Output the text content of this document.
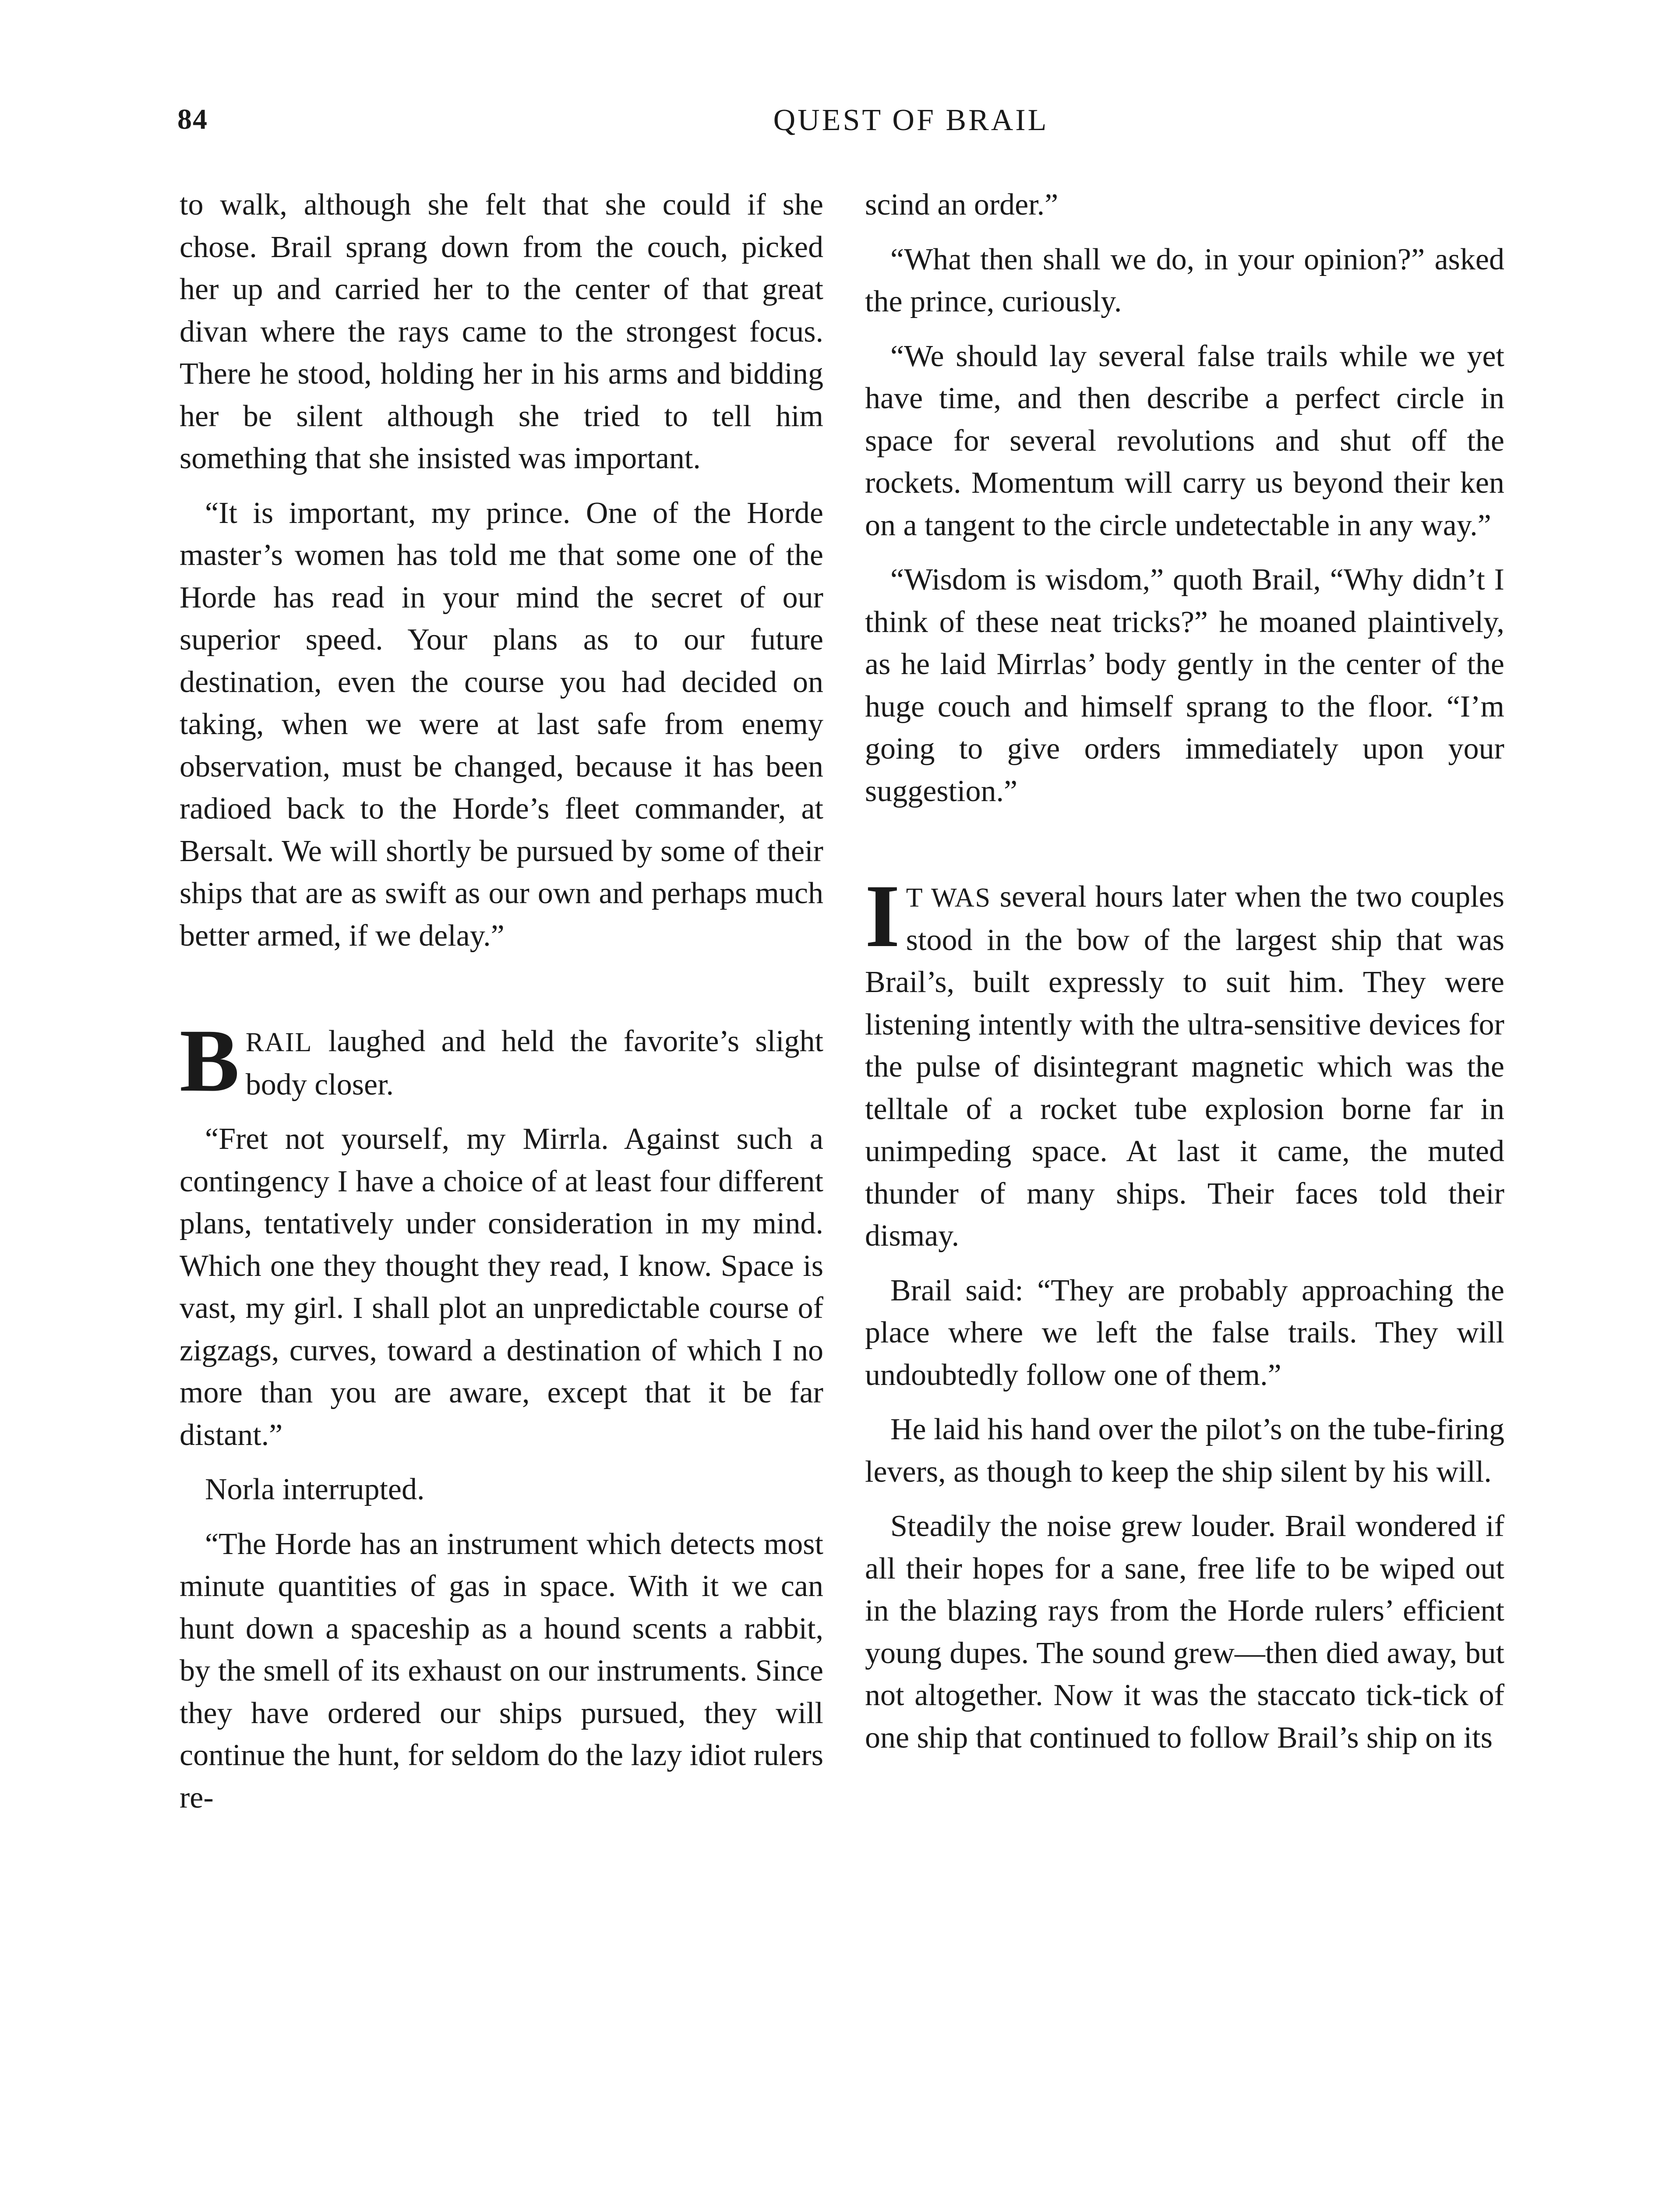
84	QUEST OF BRAIL

to walk, although she felt that she could if she chose. Brail sprang down from the couch, picked her up and carried her to the center of that great divan where the rays came to the strongest focus. There he stood, holding her in his arms and bidding her be silent although she tried to tell him something that she insisted was important.

“It is important, my prince. One of the Horde master’s women has told me that some one of the Horde has read in your mind the secret of our superior speed. Your plans as to our future destination, even the course you had decided on taking, when we were at last safe from enemy observation, must be changed, because it has been radioed back to the Horde’s fleet commander, at Bersalt. We will shortly be pursued by some of their ships that are as swift as our own and perhaps much better armed, if we delay.”

BRAIL laughed and held the favorite’s slight body closer.

“Fret not yourself, my Mirrla. Against such a contingency I have a choice of at least four different plans, tentatively under consideration in my mind. Which one they thought they read, I know. Space is vast, my girl. I shall plot an unpredictable course of zigzags, curves, toward a destination of which I no more than you are aware, except that it be far distant.”

Norla interrupted.

“The Horde has an instrument which detects most minute quantities of gas in space. With it we can hunt down a spaceship as a hound scents a rabbit, by the smell of its exhaust on our instruments. Since they have ordered our ships pursued, they will continue the hunt, for seldom do the lazy idiot rulers re-

scind an order.”

“What then shall we do, in your opinion?” asked the prince, curiously.

“We should lay several false trails while we yet have time, and then describe a perfect circle in space for several revolutions and shut off the rockets. Momentum will carry us beyond their ken on a tangent to the circle undetectable in any way.”

“Wisdom is wisdom,” quoth Brail, “Why didn’t I think of these neat tricks?” he moaned plaintively, as he laid Mirrlas’ body gently in the center of the huge couch and himself sprang to the floor. “I’m going to give orders immediately upon your suggestion.”

I T WAS several hours later when the two couples stood in the bow of the largest ship that was Brail’s, built expressly to suit him. They were listening intently with the ultra-sensitive devices for the pulse of disintegrant magnetic which was the telltale of a rocket tube explosion borne far in unimpeding space. At last it came, the muted thunder of many ships. Their faces told their dismay.

Brail said: “They are probably approaching the place where we left the false trails. They will undoubtedly follow one of them.”

He laid his hand over the pilot’s on the tube-firing levers, as though to keep the ship silent by his will.

Steadily the noise grew louder. Brail wondered if all their hopes for a sane, free life to be wiped out in the blazing rays from the Horde rulers’ efficient young dupes. The sound grew—then died away, but not altogether. Now it was the staccato tick-tick of one ship that continued to follow Brail’s ship on its
